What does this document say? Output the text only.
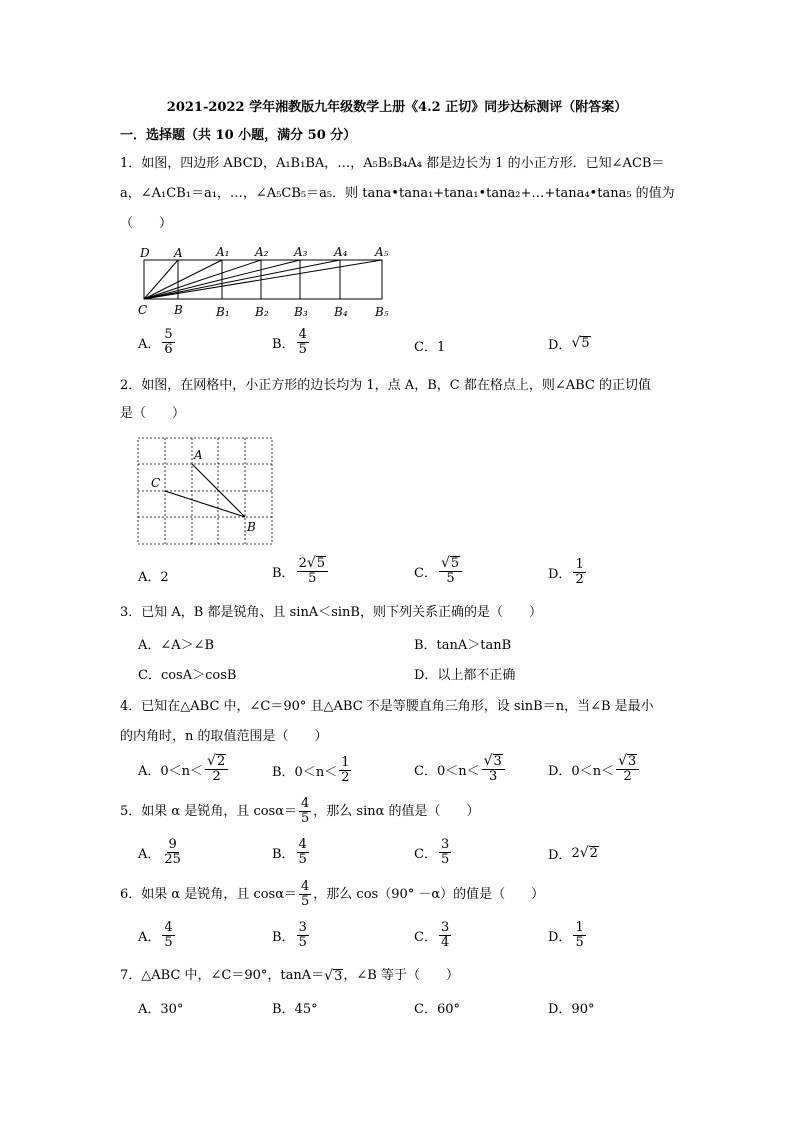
2021-2022 学年湘教版九年级数学上册《4.2 正切》同步达标测评（附答案）
一．选择题（共 10 小题，满分 50 分）
1．如图，四边形 ABCD，A₁B₁BA，…，A₅B₅B₄A₄ 都是边长为 1 的小正方形．已知∠ACB＝
a，∠A₁CB₁＝a₁，…，∠A₅CB₅＝a₅．则 tana•tana₁+tana₁•tana₂+…+tana₄•tana₅ 的值为
（　　）
D A	A₁ A₂ A₃ A₄ A₅
C B	B₁ B₂ B₃ B₄ B₅
A． $\frac{5}{6}$	B． $\frac{4}{5}$	C．1	D． √ 5
2．如图，在网格中，小正方形的边长均为 1，点 A，B，C 都在格点上，则∠ABC 的正切值
是（　　）
A
B
C
A．2	B． $\frac{2 √ 5}{5}$	C． $\frac{√ 5}{5}$	D． $\frac{1}{2}$
3．已知 A，B 都是锐角、且 sinA＜sinB，则下列关系正确的是（　　）
A．∠A＞∠B	B．tanA＞tanB
C．cosA＞cosB	D．以上都不正确
4．已知在△ABC 中，∠C＝90° 且△ABC 不是等腰直角三角形，设 sinB＝n，当∠B 是最小
的内角时，n 的取值范围是（　　）
A．$0<n< \frac{√ 2}{2}$	B．$0<n< \frac{1}{2}$	C．$0<n< \frac{√ 3}{3}$	D．$0<n< \frac{√ 3}{2}$
5．如果 α 是锐角，且 $\cos\alpha= \frac{4}{5}$ ，那么 sinα 的值是（　　）
A． $\frac{9}{25}$	B． $\frac{4}{5}$	C． $\frac{3}{5}$	D． 2 √ 2
6．如果 α 是锐角，且 $\cos\alpha= \frac{4}{5}$ ，那么 cos（90° －α）的值是（　　）
A． $\frac{4}{5}$	B． $\frac{3}{5}$	C． $\frac{3}{4}$	D． $\frac{1}{5}$
7．△ABC 中，∠C＝90°，tanA＝ √ 3 ，∠B 等于（　　）
A．30°	B．45°	C．60°	D．90°
